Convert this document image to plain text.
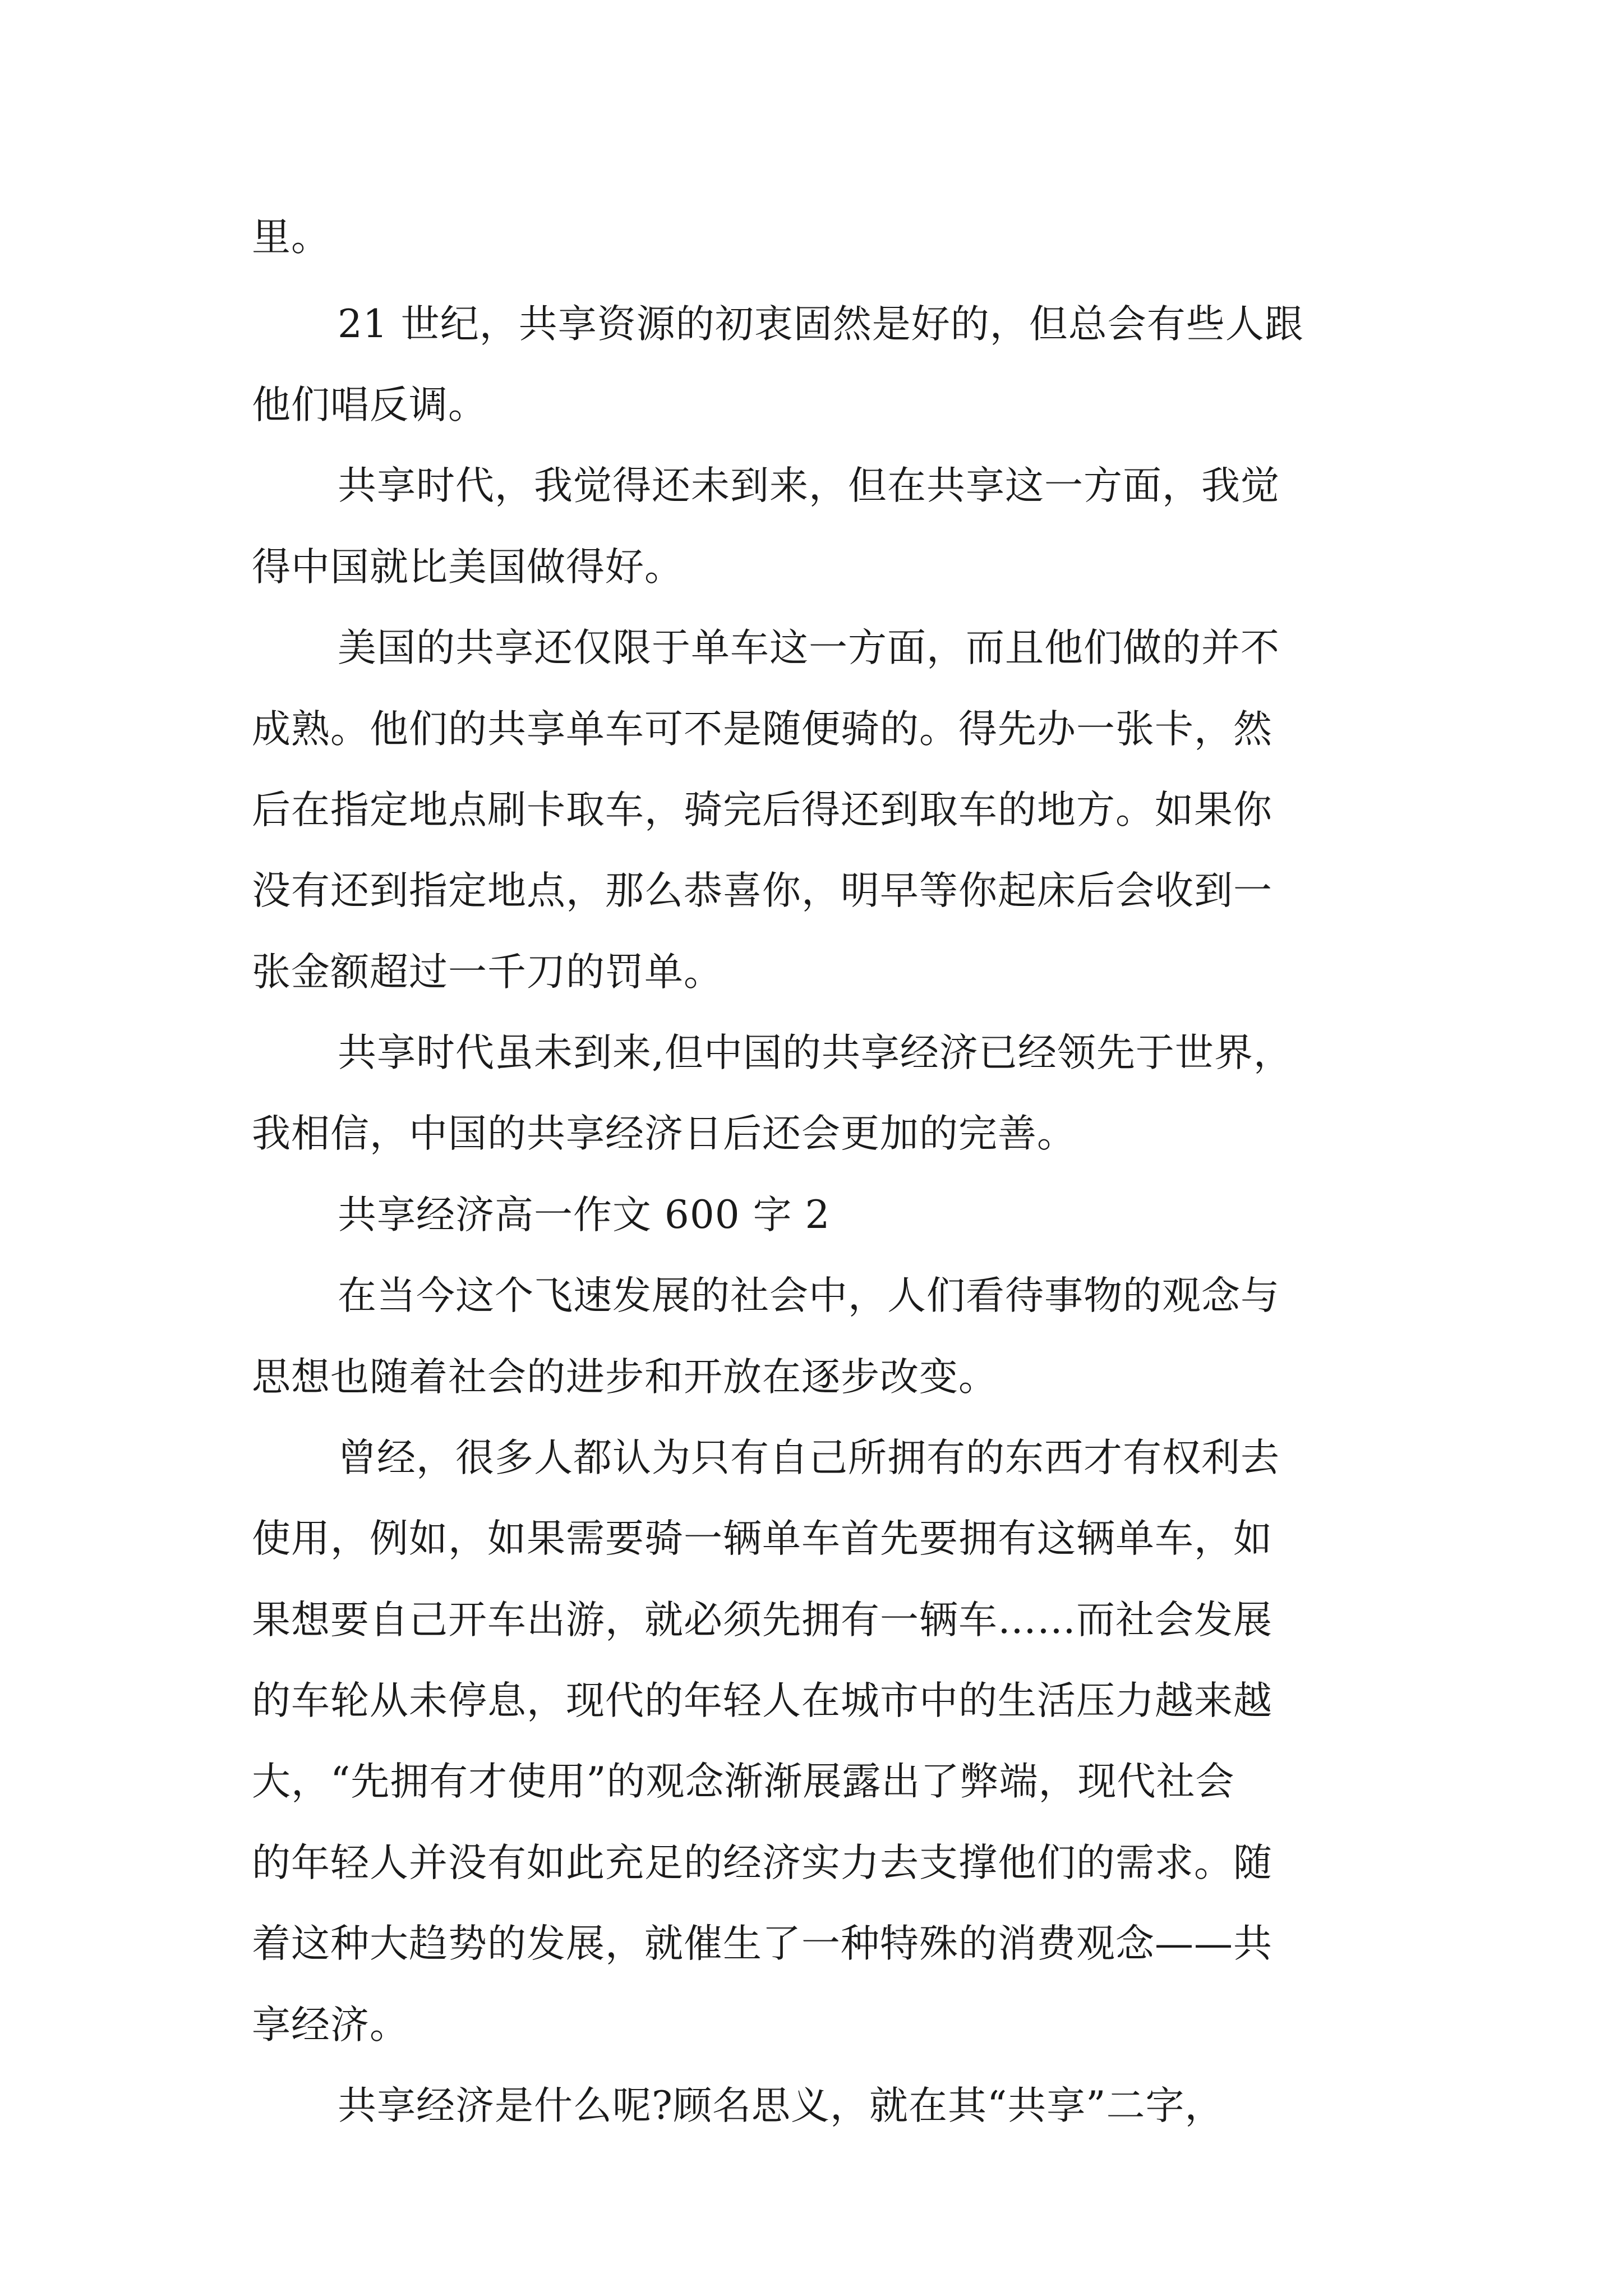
里。

21 世纪，共享资源的初衷固然是好的，但总会有些人跟

他们唱反调。

共享时代，我觉得还未到来，但在共享这一方面，我觉

得中国就比美国做得好。

美国的共享还仅限于单车这一方面，而且他们做的并不

成熟。他们的共享单车可不是随便骑的。得先办一张卡，然

后在指定地点刷卡取车，骑完后得还到取车的地方。如果你

没有还到指定地点，那么恭喜你，明早等你起床后会收到一

张金额超过一千刀的罚单。

共享时代虽未到来,但中国的共享经济已经领先于世界，

我相信，中国的共享经济日后还会更加的完善。

共享经济高一作文 600 字 2

在当今这个飞速发展的社会中，人们看待事物的观念与

思想也随着社会的进步和开放在逐步改变。

曾经，很多人都认为只有自己所拥有的东西才有权利去

使用，例如，如果需要骑一辆单车首先要拥有这辆单车，如

果想要自己开车出游，就必须先拥有一辆车……而社会发展

的车轮从未停息，现代的年轻人在城市中的生活压力越来越

大，“先拥有才使用”的观念渐渐展露出了弊端，现代社会

的年轻人并没有如此充足的经济实力去支撑他们的需求。随

着这种大趋势的发展，就催生了一种特殊的消费观念——共

享经济。

共享经济是什么呢?顾名思义，就在其“共享”二字，
